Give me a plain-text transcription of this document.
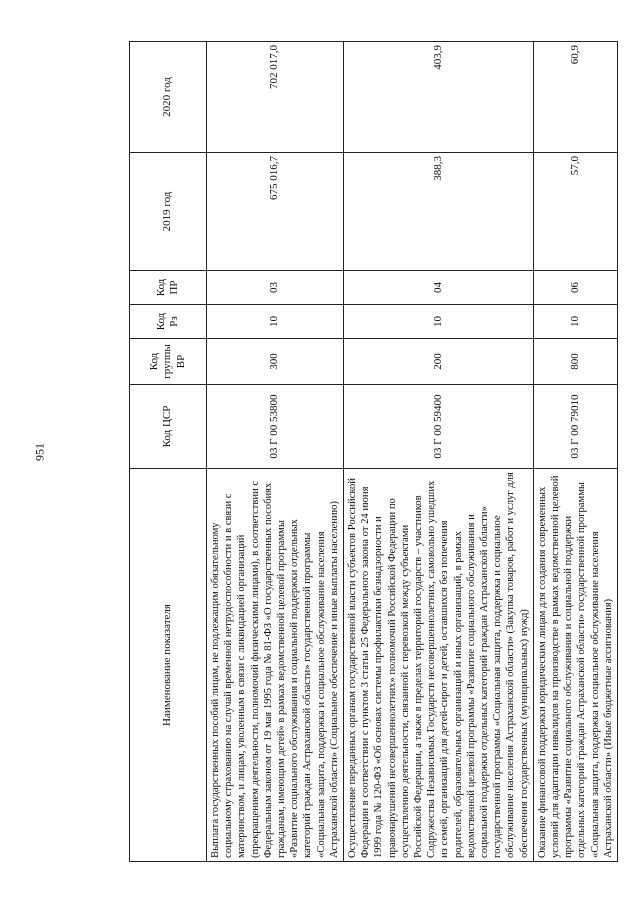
951
Наименование показателя	Код ЦСР	Код группы ВР	Код Рз	Код ПР	2019 год	2020 год
Выплата государственных пособий лицам, не подлежащим обязательному социальному страхованию на случай временной нетрудоспособности и в связи с материнством, и лицам, уволенным в связи с ликвидацией организаций (прекращением деятельности, полномочий физическими лицами), в соответствии с Федеральным законом от 19 мая 1995 года № 81-ФЗ «О государственных пособиях гражданам, имеющим детей» в рамках ведомственной целевой программы «Развитие социального обслуживания и социальной поддержки отдельных категорий граждан Астраханской области» государственной программы «Социальная защита, поддержка и социальное обслуживание населения Астраханской области» (Социальное обеспечение и иные выплаты населению)	03 Г 00 53800	300	10	03	675 016,7	702 017,0
Осуществление переданных органам государственной власти субъектов Российской Федерации в соответствии с пунктом 3 статьи 25 Федерального закона от 24 июня 1999 года № 120-ФЗ «Об основах системы профилактики безнадзорности и правонарушений несовершеннолетних» полномочий Российской Федерации по осуществлению деятельности, связанной с перевозкой между субъектами Российской Федерации, а также в пределах территорий государств – участников Содружества Независимых Государств несовершеннолетних, самовольно ушедших из семей, организаций для детей-сирот и детей, оставшихся без попечения родителей, образовательных организаций и иных организаций, в рамках ведомственной целевой программы «Развитие социального обслуживания и социальной поддержки отдельных категорий граждан Астраханской области» государственной программы «Социальная защита, поддержка и социальное обслуживание населения Астраханской области» (Закупка товаров, работ и услуг для обеспечения государственных (муниципальных) нужд)	03 Г 00 59400	200	10	04	388,3	403,9
Оказание финансовой поддержки юридическим лицам для создания современных условий для адаптации инвалидов на производстве в рамках ведомственной целевой программы «Развитие социального обслуживания и социальной поддержки отдельных категорий граждан Астраханской области» государственной программы «Социальная защита, поддержка и социальное обслуживание населения Астраханской области» (Иные бюджетные ассигнования)	03 Г 00 79010	800	10	06	57,0	60,9
